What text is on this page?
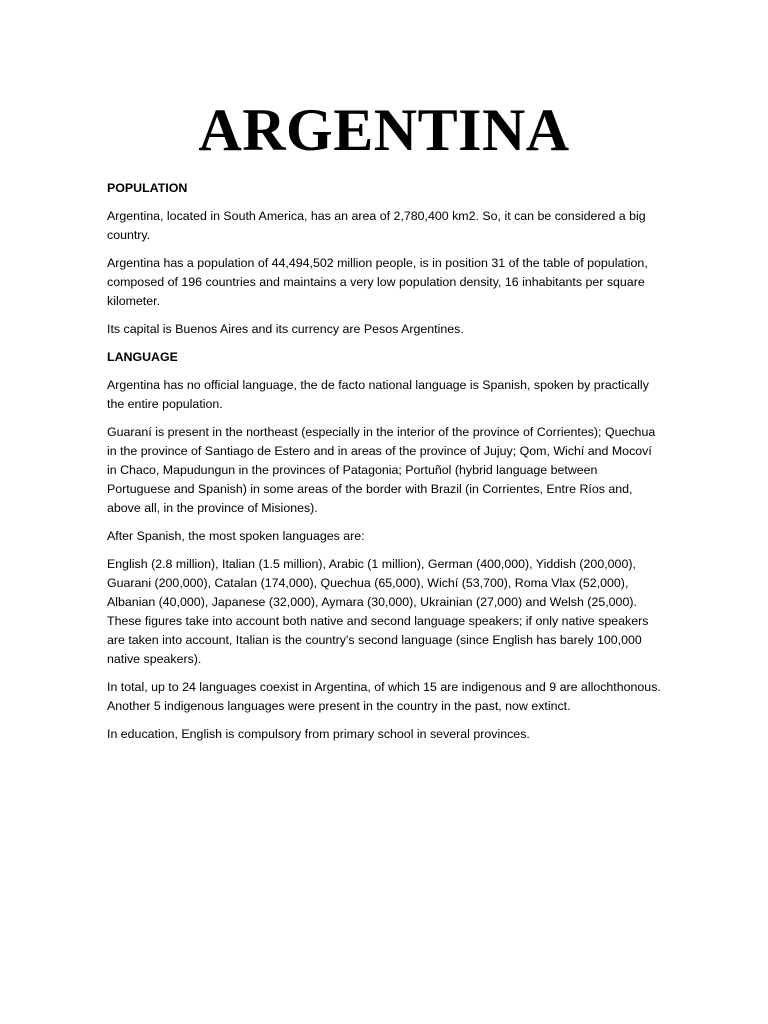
ARGENTINA

POPULATION

Argentina, located in South America, has an area of 2,780,400 km2. So, it can be considered a big country.

Argentina has a population of 44,494,502 million people, is in position 31 of the table of population, composed of 196 countries and maintains a very low population density, 16 inhabitants per square kilometer.

Its capital is Buenos Aires and its currency are Pesos Argentines.

LANGUAGE

Argentina has no official language, the de facto national language is Spanish, spoken by practically the entire population.

Guaraní is present in the northeast (especially in the interior of the province of Corrientes); Quechua in the province of Santiago de Estero and in areas of the province of Jujuy; Qom, Wichí and Mocoví in Chaco, Mapudungun in the provinces of Patagonia; Portuñol (hybrid language between Portuguese and Spanish) in some areas of the border with Brazil (in Corrientes, Entre Ríos and, above all, in the province of Misiones).

After Spanish, the most spoken languages are:

English (2.8 million), Italian (1.5 million), Arabic (1 million), German (400,000), Yiddish (200,000), Guarani (200,000), Catalan (174,000), Quechua (65,000), Wichí (53,700), Roma Vlax (52,000), Albanian (40,000), Japanese (32,000), Aymara (30,000), Ukrainian (27,000) and Welsh (25,000). These figures take into account both native and second language speakers; if only native speakers are taken into account, Italian is the country's second language (since English has barely 100,000 native speakers).

In total, up to 24 languages coexist in Argentina, of which 15 are indigenous and 9 are allochthonous. Another 5 indigenous languages were present in the country in the past, now extinct.

In education, English is compulsory from primary school in several provinces.
